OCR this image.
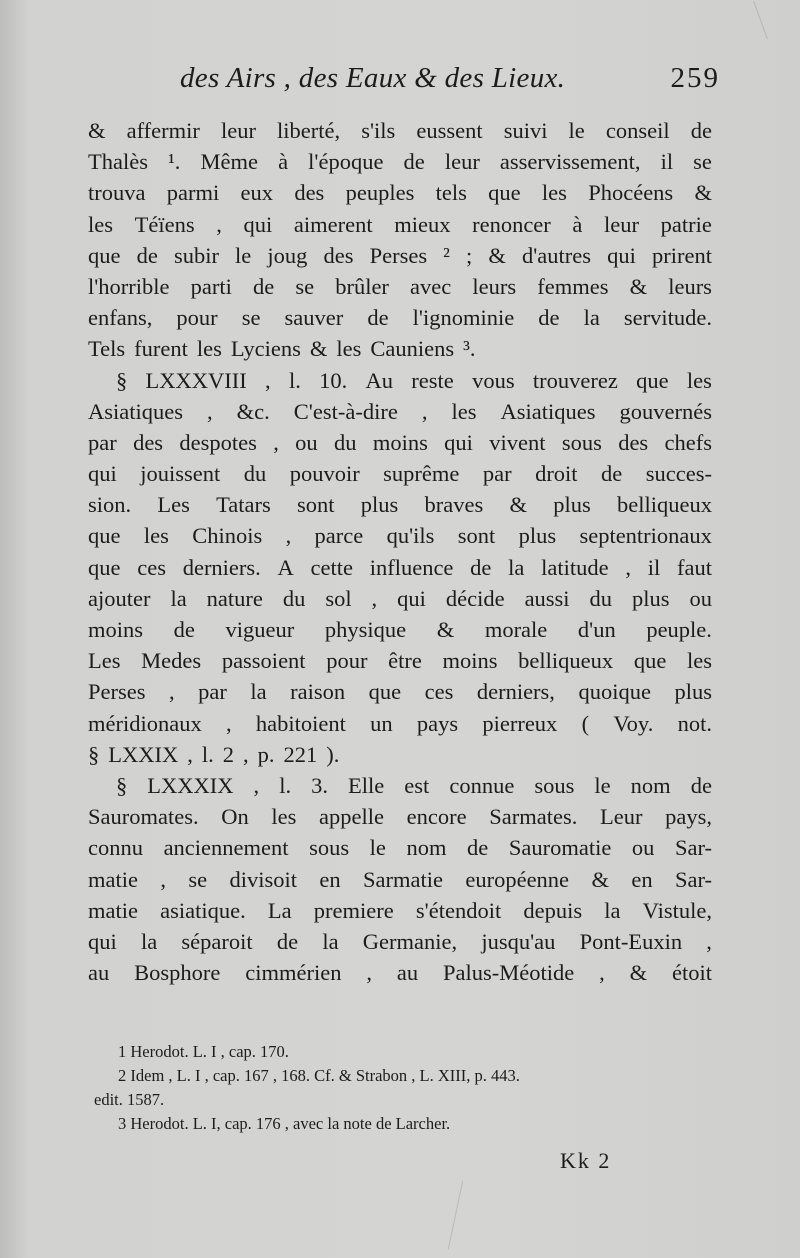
des Airs , des Eaux & des Lieux.	259
& affermir leur liberté, s'ils eussent suivi le conseil de
Thalès ¹. Même à l'époque de leur asservissement, il se
trouva parmi eux des peuples tels que les Phocéens &
les Téïens , qui aimerent mieux renoncer à leur patrie
que de subir le joug des Perses ² ; & d'autres qui prirent
l'horrible parti de se brûler avec leurs femmes & leurs
enfans, pour se sauver de l'ignominie de la servitude.
Tels furent les Lyciens & les Cauniens ³.
§ LXXXVIII , l. 10. Au reste vous trouverez que les
Asiatiques , &c. C'est-à-dire , les Asiatiques gouvernés
par des despotes , ou du moins qui vivent sous des chefs
qui jouissent du pouvoir suprême par droit de succes-
sion. Les Tatars sont plus braves & plus belliqueux
que les Chinois , parce qu'ils sont plus septentrionaux
que ces derniers. A cette influence de la latitude , il faut
ajouter la nature du sol , qui décide aussi du plus ou
moins de vigueur physique & morale d'un peuple.
Les Medes passoient pour être moins belliqueux que les
Perses , par la raison que ces derniers, quoique plus
méridionaux , habitoient un pays pierreux ( Voy. not.
§ LXXIX , l. 2 , p. 221 ).
§ LXXXIX , l. 3. Elle est connue sous le nom de
Sauromates. On les appelle encore Sarmates. Leur pays,
connu anciennement sous le nom de Sauromatie ou Sar-
matie , se divisoit en Sarmatie européenne & en Sar-
matie asiatique. La premiere s'étendoit depuis la Vistule,
qui la séparoit de la Germanie, jusqu'au Pont-Euxin ,
au Bosphore cimmérien , au Palus-Méotide , & étoit
1 Herodot. L. I , cap. 170.
2 Idem , L. I , cap. 167 , 168. Cf. & Strabon , L. XIII, p. 443.
edit. 1587.
3 Herodot. L. I, cap. 176 , avec la note de Larcher.
Kk 2
